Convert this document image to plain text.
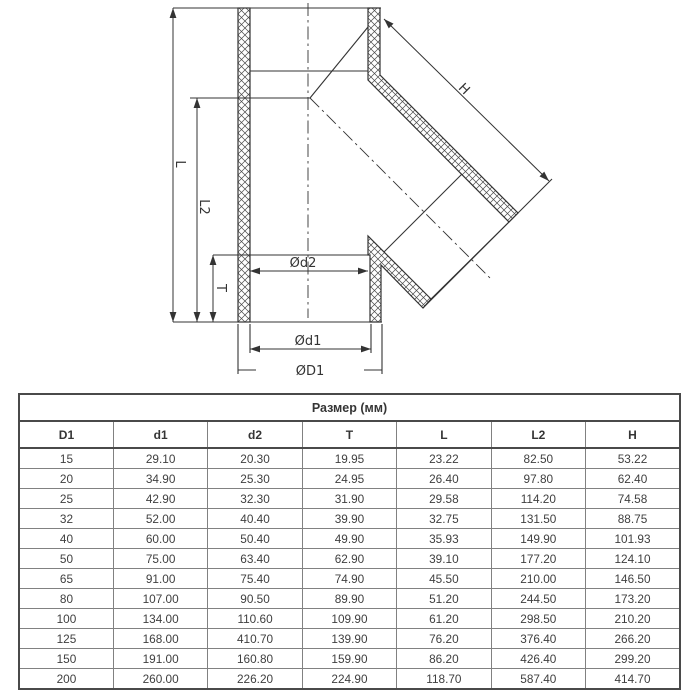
L
L2
T
H
Ød2
Ød1
ØD1
Размер (мм)						
D1	d1	d2	T	L	L2	H
15	29.10	20.30	19.95	23.22	82.50	53.22
20	34.90	25.30	24.95	26.40	97.80	62.40
25	42.90	32.30	31.90	29.58	114.20	74.58
32	52.00	40.40	39.90	32.75	131.50	88.75
40	60.00	50.40	49.90	35.93	149.90	101.93
50	75.00	63.40	62.90	39.10	177.20	124.10
65	91.00	75.40	74.90	45.50	210.00	146.50
80	107.00	90.50	89.90	51.20	244.50	173.20
100	134.00	110.60	109.90	61.20	298.50	210.20
125	168.00	410.70	139.90	76.20	376.40	266.20
150	191.00	160.80	159.90	86.20	426.40	299.20
200	260.00	226.20	224.90	118.70	587.40	414.70
